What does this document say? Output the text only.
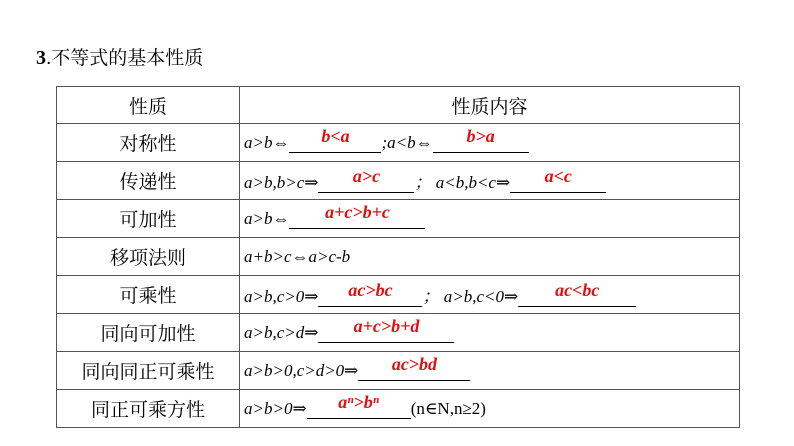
3.不等式的基本性质
性质	性质内容
对称性	a>b⇔ b<a ;a<b⇔ b>a
传递性	a>b,b>c⇒ a>c ； a<b,b<c⇒ a<c
可加性	a>b⇔ a+c>b+c
移项法则	a+b>c⇔a>c-b
可乘性	a>b,c>0⇒ ac>bc ； a>b,c<0⇒ ac<bc
同向可加性	a>b,c>d⇒ a+c>b+d
同向同正可乘性	a>b>0,c>d>0⇒ ac>bd
同正可乘方性	a>b>0⇒ aⁿ>bⁿ (n∈N,n≥2)
